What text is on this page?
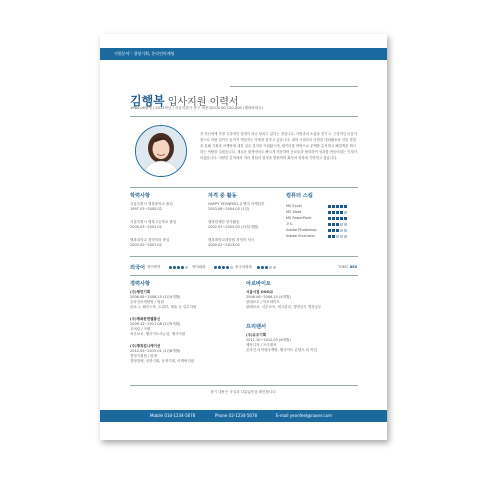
지원분야 : 경영기획, 온라인마케팅
김행복 입사지원 이력서
1984.06월생 / 2013학년 / 서울특별시 중구 세종대로00 00 120-000 (행복아파트)
저 자신에게 가장 특징적인 열정이 하나 넘치고 있다는 점입니다. 사람과의 소통을 즐기고, 긍정적인 마음가짐으로 어떤 일이든 끝까지 책임지는 자세를 갖추고 있습니다. 대학 시절부터 다양한 대외활동과 인턴 경험을 통해 기획과 마케팅에 대한 실무 감각을 키워왔으며, 데이터를 바탕으로 문제를 분석하고 해결책을 제시하는 역량을 길렀습니다. 새로운 환경에서도 빠르게 적응하며 동료들과 협력하여 성과를 만들어내는 인재가 되겠습니다. 지원한 분야에서 저의 경험과 열정을 발휘하여 회사의 성장에 기여하고 싶습니다.
학력사항
서울특별시 행복중학교 졸업
1997.03~2000.02
서울특별시 행복고등학교 졸업
2000.03~2003.02
행복대학교 경영학과 졸업
2003.02~2007.02
자격 중 활동
HAPPY YEONFEEL 유엔미 마케턴추
2003.06~2004.05 (1년)
행복한재단 봉사활동
2002.03~2005.03 (3년2개월)
행복대학교대학원 경영학 석사
2000.02~2013.02
컴퓨터 스킬
MS Excel
MS Word
MS PowerPoint
포토
Adobe Photoshop
Adobe Illustrator
외국어 영어번역	영어회화	중국어회화	TOEIC 850
경력사항
(주)행연기획
2006.08~2008.10 (1년4개월)
온라인마케팅팀 / 팀원
블로그, 페이스북, 트위터, 제휴 등 실무자원
(주)행복한엔젤통신
2009.12~2011.08 (1년9개월)
우버링 / 사원
서무보조, 웹사이트리뉴얼, 행사지원
(주)맹칭컴니케이션
2012.05~2015.01 (2년8개월)
경영기획팀 / 팀장
경영전략, 신중기획, 운영기획, 마케팅지원
아르바이트
서울서점 OOO교
2006.06~2006.10 (4개월)
판매보조 / 아르바이트
판매보조, 서무보조, 재고관리, 행정공무 행정공무
프리랜서
(주)유조기획
2011.10~2012.03 (6개월)
제작디자 / 프리랜서
온라인 마이컴마케팅, 웹사이트 콘텐츠 외 작업
상기 내용은 사실과 다름없음을 확인합니다.
Mobile 010-1234-5678	Phone 02-1234-5678	E-mail yeonfeel@naver.com
